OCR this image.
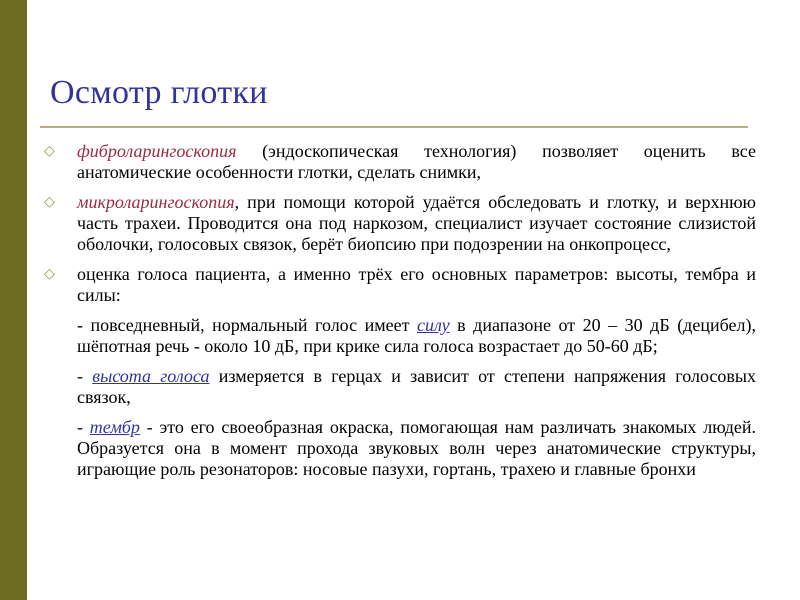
Осмотр глотки

◇ фиброларингоскопия (эндоскопическая технология) позволяет оценить все анатомические особенности глотки, сделать снимки,

◇ микроларингоскопия, при помощи которой удаётся обследовать и глотку, и верхнюю часть трахеи. Проводится она под наркозом, специалист изучает состояние слизистой оболочки, голосовых связок, берёт биопсию при подозрении на онкопроцесс,

◇ оценка голоса пациента, а именно трёх его основных параметров: высоты, тембра и силы:

- повседневный, нормальный голос имеет силу в диапазоне от 20 – 30 дБ (децибел), шёпотная речь - около 10 дБ, при крике сила голоса возрастает до 50-60 дБ;

- высота голоса измеряется в герцах и зависит от степени напряжения голосовых связок,

- тембр - это его своеобразная окраска, помогающая нам различать знакомых людей. Образуется она в момент прохода звуковых волн через анатомические структуры, играющие роль резонаторов: носовые пазухи, гортань, трахею и главные бронхи
